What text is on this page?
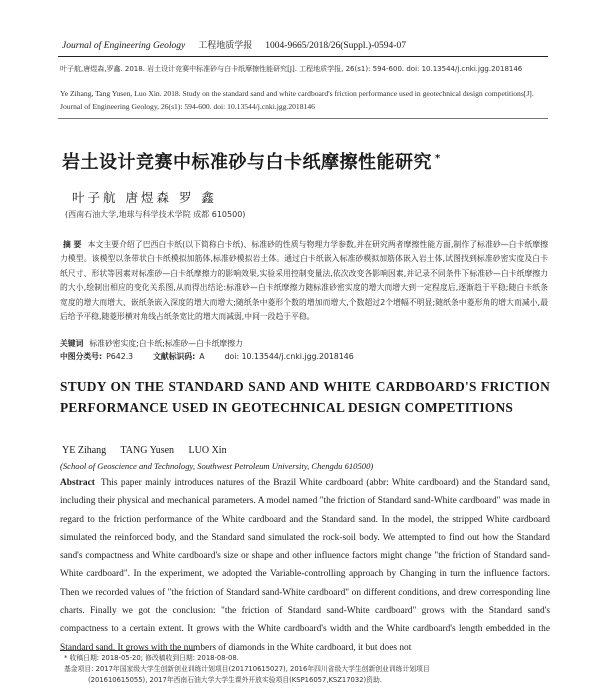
Journal of Engineering Geology 工程地质学报 1004-9665/2018/26(Suppl.)-0594-07
叶子航,唐煜森,罗鑫. 2018. 岩土设计竞赛中标准砂与白卡纸摩擦性能研究[J]. 工程地质学报, 26(s1): 594-600. doi: 10.13544/j.cnki.jgg.2018146
Ye Zihang, Tang Yusen, Luo Xin. 2018. Study on the standard sand and white cardboard's friction performance used in geotechnical design competitions[J]. Journal of Engineering Geology, 26(s1): 594-600. doi: 10.13544/j.cnki.jgg.2018146
岩土设计竞赛中标准砂与白卡纸摩擦性能研究 *
叶子航 唐煜森 罗 鑫
(西南石油大学,地球与科学技术学院 成都 610500)
摘 要 本文主要介绍了巴西白卡纸(以下简称白卡纸)、标准砂的性质与物理力学参数,并在研究两者摩擦性能方面,制作了标准砂—白卡纸摩擦力模型。该模型以条带状白卡纸模拟加筋体,标准砂模拟岩土体。通过白卡纸嵌入标准砂模拟加筋体嵌入岩土体,试图找到标准砂密实度及白卡纸尺寸、形状等因素对标准砂—白卡纸摩擦力的影响效果,实验采用控制变量法,依次改变各影响因素,并记录不同条件下标准砂—白卡纸摩擦力的大小,绘制出相应的变化关系图,从而得出结论:标准砂—白卡纸摩擦力随标准砂密实度的增大而增大到一定程度后,逐渐趋于平稳;随白卡纸条宽度的增大而增大、嵌纸条嵌入深度的增大而增大;随纸条中菱形个数的增加而增大,个数超过2个增幅不明显;随纸条中菱形角的增大而减小,最后给予平稳,随菱形横对角线占纸条宽比的增大而减弱,中间一段趋于平稳。
关键词 标准砂密实度;白卡纸;标准砂—白卡纸摩擦力
中图分类号: P642.3	文献标识码: A	doi: 10.13544/j.cnki.jgg.2018146
STUDY ON THE STANDARD SAND AND WHITE CARDBOARD'S FRICTION PERFORMANCE USED IN GEOTECHNICAL DESIGN COMPETITIONS
YE Zihang TANG Yusen LUO Xin
(School of Geoscience and Technology, Southwest Petroleum University, Chengdu 610500)
Abstract This paper mainly introduces natures of the Brazil White cardboard (abbr: White cardboard) and the Standard sand, including their physical and mechanical parameters. A model named "the friction of Standard sand-White cardboard" was made in regard to the friction performance of the White cardboard and the Standard sand. In the model, the stripped White cardboard simulated the reinforced body, and the Standard sand simulated the rock-soil body. We attempted to find out how the Standard sand's compactness and White cardboard's size or shape and other influence factors might change "the friction of Standard sand-White cardboard". In the experiment, we adopted the Variable-controlling approach by Changing in turn the influence factors. Then we recorded values of "the friction of Standard sand-White cardboard" on different conditions, and drew corresponding line charts. Finally we got the conclusion: "the friction of Standard sand-White cardboard" grows with the Standard sand's compactness to a certain extent. It grows with the White cardboard's width and the White cardboard's length embedded in the Standard sand. It grows with the numbers of diamonds in the White cardboard, it but does not
* 收稿日期: 2018-05-20; 修改稿收到日期: 2018-08-08.
基金项目: 2017年国家级大学生创新创业训练计划项目(201710615027), 2016年四川省级大学生创新创业训练计划项目
(201610615055), 2017年西南石油大学大学生课外开放实验项目(KSP16057,KSZ17032)资助.
